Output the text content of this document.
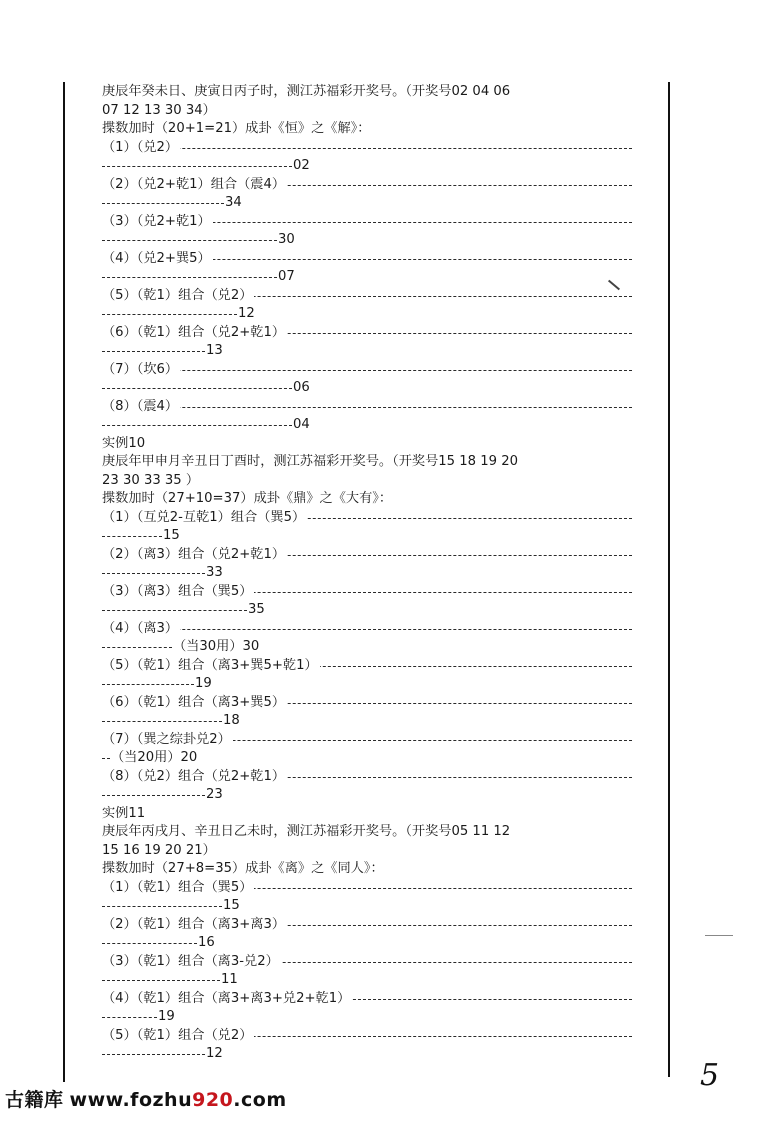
庚辰年癸未日、庚寅日丙子时，测江苏福彩开奖号。（开奖号02 04 06
07 12 13 30 34）
揲数加时（20+1=21）成卦《恒》之《解》：
（1）（兑2）
02
（2）（兑2+乾1）组合（震4）
34
（3）（兑2+乾1）
30
（4）（兑2+巽5）
07
（5）（乾1）组合（兑2）
12
（6）（乾1）组合（兑2+乾1）
13
（7）（坎6）
06
（8）（震4）
04
实例10
庚辰年甲申月辛丑日丁酉时，测江苏福彩开奖号。（开奖号15 18 19 20
23 30 33 35 ）
揲数加时（27+10=37）成卦《鼎》之《大有》：
（1）（互兑2-互乾1）组合（巽5）
15
（2）（离3）组合（兑2+乾1）
33
（3）（离3）组合（巽5）
35
（4）（离3）
（当30用）30
（5）（乾1）组合（离3+巽5+乾1）
19
（6）（乾1）组合（离3+巽5）
18
（7）（巽之综卦兑2）
（当20用）20
（8）（兑2）组合（兑2+乾1）
23
实例11
庚辰年丙戌月、辛丑日乙未时，测江苏福彩开奖号。（开奖号05 11 12
15 16 19 20 21）
揲数加时（27+8=35）成卦《离》之《同人》：
（1）（乾1）组合（巽5）
15
（2）（乾1）组合（离3+离3）
16
（3）（乾1）组合（离3-兑2）
11
（4）（乾1）组合（离3+离3+兑2+乾1）
19
（5）（乾1）组合（兑2）
12
古籍库 www.fozhu920.com
5
